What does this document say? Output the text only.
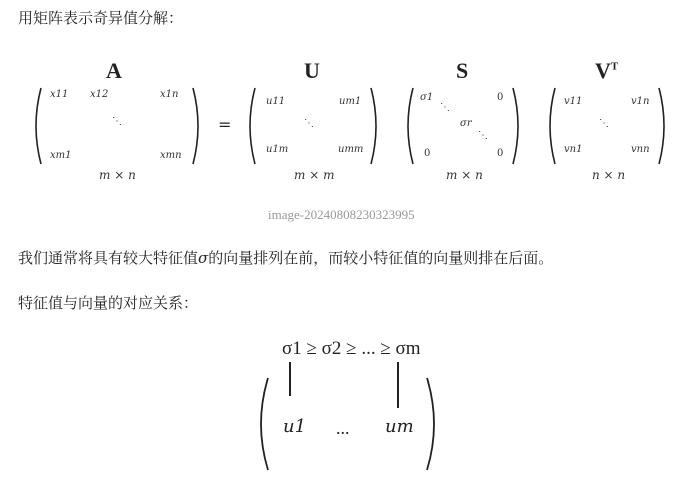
用矩阵表示奇异值分解：
A	U	S	$V^T$
x11 x12	x1n
⋱
xm1	xmn
m × n
=
u11	um1
⋱
u1m	umm
m × m
σ1	0
⋱
σr
⋱
0	0
m × n
v11	v1n
⋱
vn1	vnn
n × n
image-20240808230323995
我们通常将具有较大特征值σ的向量排列在前，而较小特征值的向量则排在后面。
特征值与向量的对应关系：
σ1 ≥ σ2 ≥ ... ≥ σm
u1 ... um
